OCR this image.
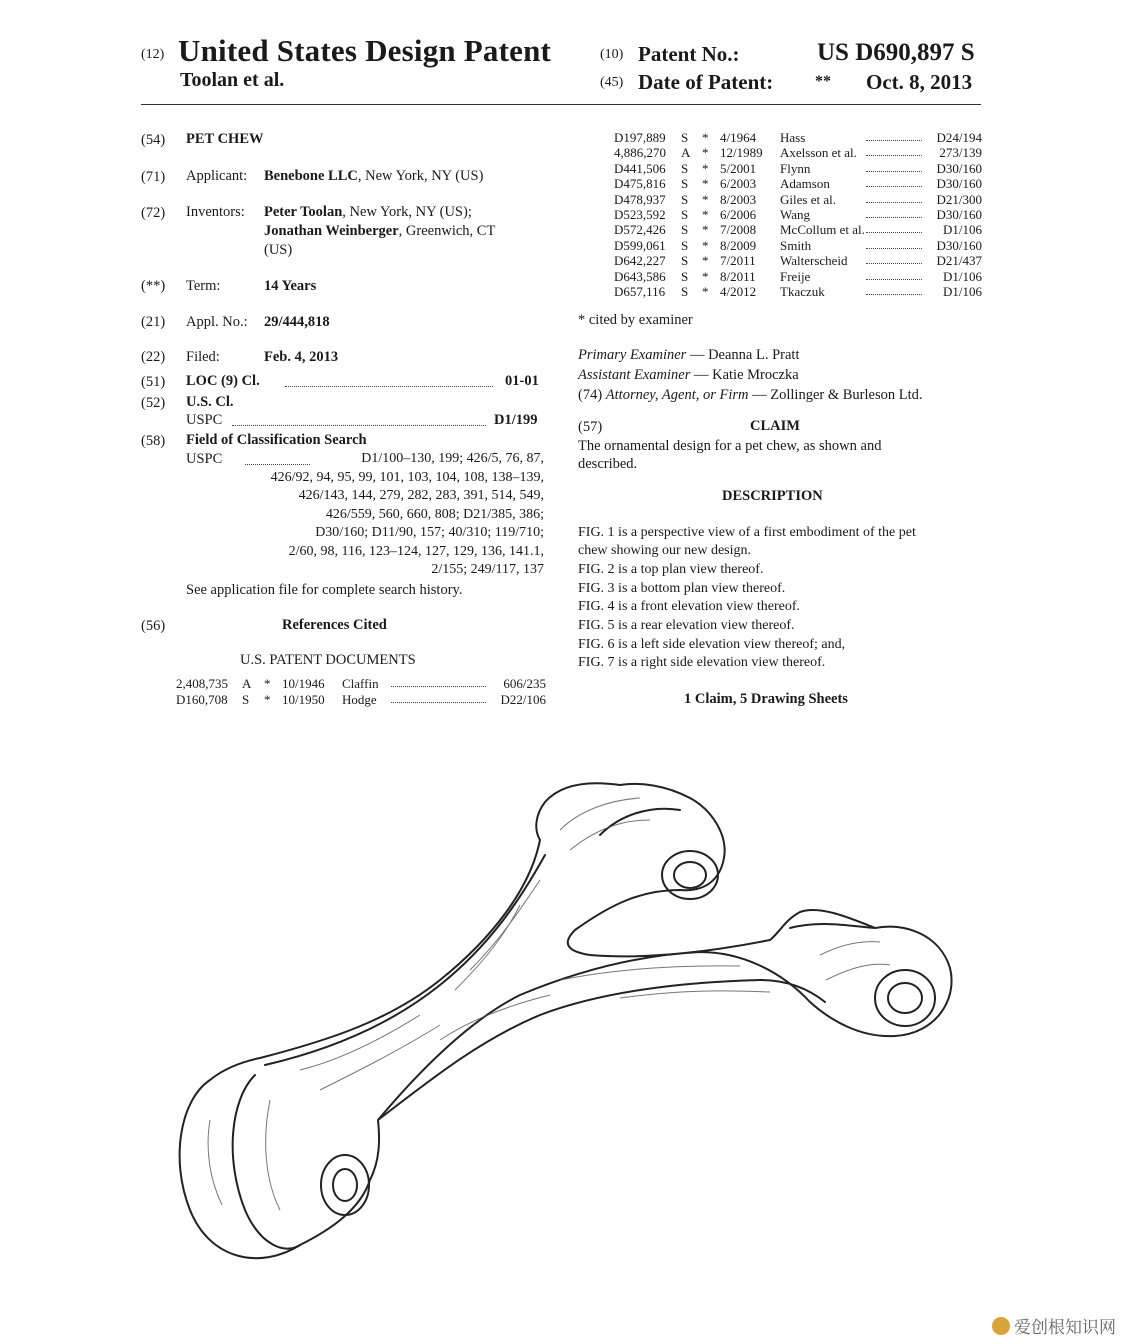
(12) United States Design Patent
Toolan et al.
(10) Patent No.:	US D690,897 S
(45) Date of Patent:	** Oct. 8, 2013
(54) PET CHEW
(71) Applicant: Benebone LLC, New York, NY (US)
(72) Inventors: Peter Toolan, New York, NY (US);
Jonathan Weinberger, Greenwich, CT
(US)
(**) Term:	14 Years
(21) Appl. No.: 29/444,818
(22) Filed:	Feb. 4, 2013
(51) LOC (9) Cl.	01-01
(52) U.S. Cl.
USPC	D1/199
(58) Field of Classification Search
USPC	D1/100–130, 199; 426/5, 76, 87,
426/92, 94, 95, 99, 101, 103, 104, 108, 138–139,
426/143, 144, 279, 282, 283, 391, 514, 549,
426/559, 560, 660, 808; D21/385, 386;
D30/160; D11/90, 157; 40/310; 119/710;
2/60, 98, 116, 123–124, 127, 129, 136, 141.1,
2/155; 249/117, 137
See application file for complete search history.
(56)	References Cited
U.S. PATENT DOCUMENTS
2,408,735 A * 10/1946 Claffin	606/235
D160,708 S * 10/1950 Hodge	D22/106
D197,889 S * 4/1964 Hass	D24/194
4,886,270 A * 12/1989 Axelsson et al.	273/139
D441,506 S * 5/2001 Flynn	D30/160
D475,816 S * 6/2003 Adamson	D30/160
D478,937 S * 8/2003 Giles et al.	D21/300
D523,592 S * 6/2006 Wang	D30/160
D572,426 S * 7/2008 McCollum et al.	D1/106
D599,061 S * 8/2009 Smith	D30/160
D642,227 S * 7/2011 Walterscheid	D21/437
D643,586 S * 8/2011 Freije	D1/106
D657,116 S * 4/2012 Tkaczuk	D1/106
* cited by examiner
Primary Examiner — Deanna L. Pratt
Assistant Examiner — Katie Mroczka
(74) Attorney, Agent, or Firm — Zollinger & Burleson Ltd.
(57)	CLAIM
The ornamental design for a pet chew, as shown and
described.
DESCRIPTION
FIG. 1 is a perspective view of a first embodiment of the pet
chew showing our new design.
FIG. 2 is a top plan view thereof.
FIG. 3 is a bottom plan view thereof.
FIG. 4 is a front elevation view thereof.
FIG. 5 is a rear elevation view thereof.
FIG. 6 is a left side elevation view thereof; and,
FIG. 7 is a right side elevation view thereof.
1 Claim, 5 Drawing Sheets
爱创根知识网
